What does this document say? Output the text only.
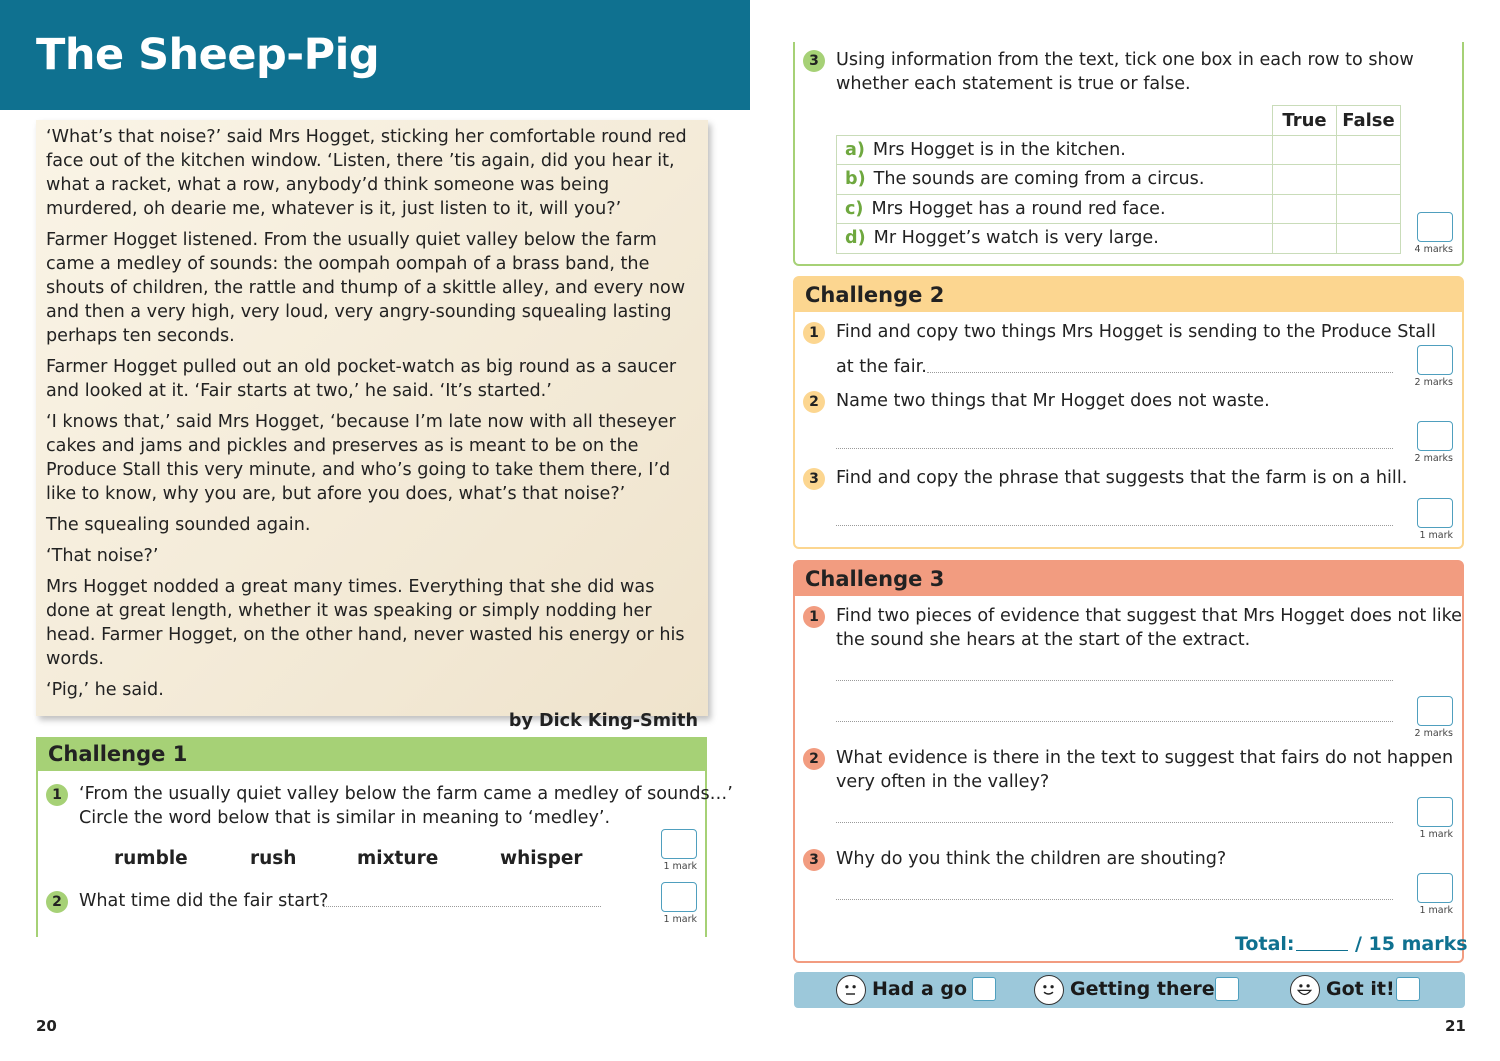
The Sheep-Pig

‘What’s that noise?’ said Mrs Hogget, sticking her comfortable round red face out of the kitchen window. ‘Listen, there ’tis again, did you hear it, what a racket, what a row, anybody’d think someone was being murdered, oh dearie me, whatever is it, just listen to it, will you?’

Farmer Hogget listened. From the usually quiet valley below the farm came a medley of sounds: the oompah oompah of a brass band, the shouts of children, the rattle and thump of a skittle alley, and every now and then a very high, very loud, very angry-sounding squealing lasting perhaps ten seconds.

Farmer Hogget pulled out an old pocket-watch as big round as a saucer and looked at it. ‘Fair starts at two,’ he said. ‘It’s started.’

‘I knows that,’ said Mrs Hogget, ‘because I’m late now with all theseyer cakes and jams and pickles and preserves as is meant to be on the Produce Stall this very minute, and who’s going to take them there, I’d like to know, why you are, but afore you does, what’s that noise?’

The squealing sounded again.

‘That noise?’

Mrs Hogget nodded a great many times. Everything that she did was done at great length, whether it was speaking or simply nodding her head. Farmer Hogget, on the other hand, never wasted his energy or his words.

‘Pig,’ he said.

by Dick King-Smith

Challenge 1
1 ‘From the usually quiet valley below the farm came a medley of sounds…’
Circle the word below that is similar in meaning to ‘medley’.
rumble	rush	mixture	whisper	1 mark
2 What time did the fair start?
1 mark
20
3 Using information from the text, tick one box in each row to show
whether each statement is true or false.
	True	False
a) Mrs Hogget is in the kitchen.		
b) The sounds are coming from a circus.		
c) Mrs Hogget has a round red face.		
d) Mr Hogget’s watch is very large.		
4 marks
Challenge 2
1 Find and copy two things Mrs Hogget is sending to the Produce Stall
at the fair.
2 marks
2 Name two things that Mr Hogget does not waste.
2 marks
3 Find and copy the phrase that suggests that the farm is on a hill.
1 mark
Challenge 3
1 Find two pieces of evidence that suggest that Mrs Hogget does not like
the sound she hears at the start of the extract.
2 marks
2 What evidence is there in the text to suggest that fairs do not happen
very often in the valley?
1 mark
3 Why do you think the children are shouting?
1 mark
Total:	/ 15 marks
Had a go	Getting there	Got it!
21
